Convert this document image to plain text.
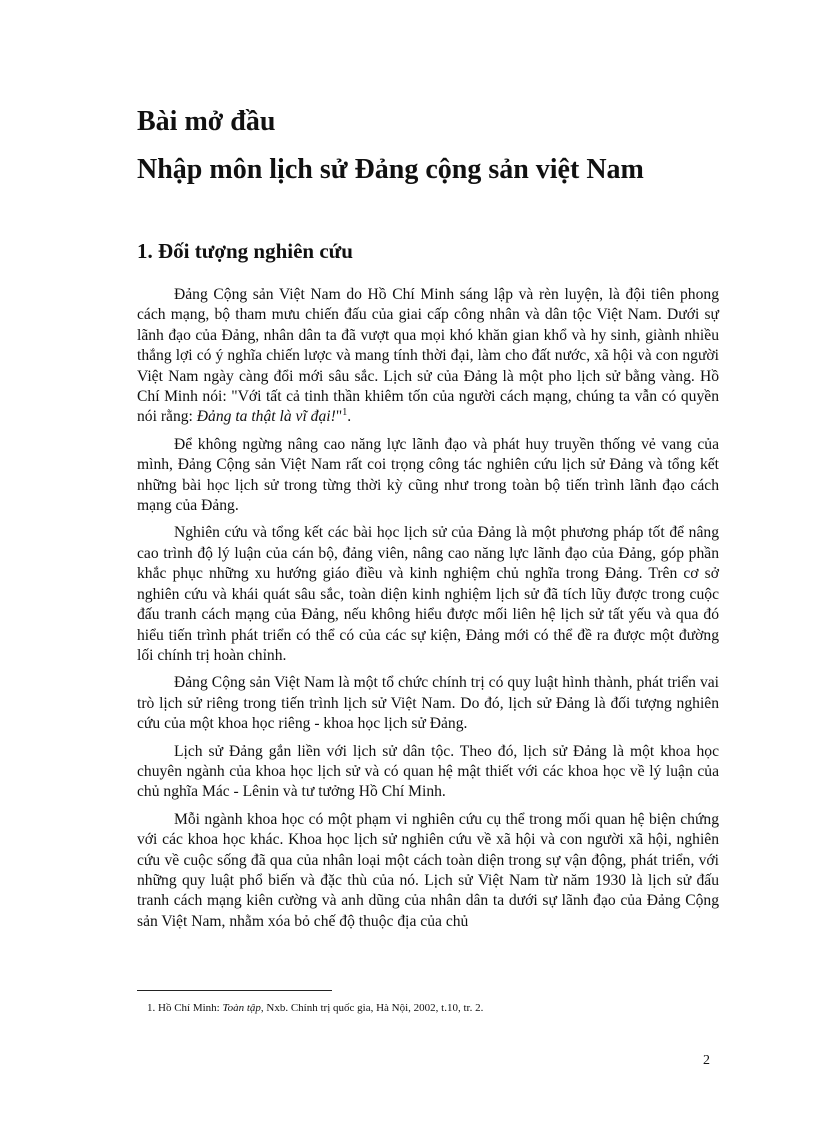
Bài mở đầu
Nhập môn lịch sử Đảng cộng sản việt Nam
1. Đối tượng nghiên cứu

Đảng Cộng sản Việt Nam do Hồ Chí Minh sáng lập và rèn luyện, là đội tiên phong cách mạng, bộ tham mưu chiến đấu của giai cấp công nhân và dân tộc Việt Nam. Dưới sự lãnh đạo của Đảng, nhân dân ta đã vượt qua mọi khó khăn gian khổ và hy sinh, giành nhiều thắng lợi có ý nghĩa chiến lược và mang tính thời đại, làm cho đất nước, xã hội và con người Việt Nam ngày càng đổi mới sâu sắc. Lịch sử của Đảng là một pho lịch sử bằng vàng. Hồ Chí Minh nói: "Với tất cả tinh thần khiêm tốn của người cách mạng, chúng ta vẫn có quyền nói rằng: Đảng ta thật là vĩ đại!"$^1$.

Để không ngừng nâng cao năng lực lãnh đạo và phát huy truyền thống vẻ vang của mình, Đảng Cộng sản Việt Nam rất coi trọng công tác nghiên cứu lịch sử Đảng và tổng kết những bài học lịch sử trong từng thời kỳ cũng như trong toàn bộ tiến trình lãnh đạo cách mạng của Đảng.

Nghiên cứu và tổng kết các bài học lịch sử của Đảng là một phương pháp tốt để nâng cao trình độ lý luận của cán bộ, đảng viên, nâng cao năng lực lãnh đạo của Đảng, góp phần khắc phục những xu hướng giáo điều và kinh nghiệm chủ nghĩa trong Đảng. Trên cơ sở nghiên cứu và khái quát sâu sắc, toàn diện kinh nghiệm lịch sử đã tích lũy được trong cuộc đấu tranh cách mạng của Đảng, nếu không hiểu được mối liên hệ lịch sử tất yếu và qua đó hiểu tiến trình phát triển có thể có của các sự kiện, Đảng mới có thể đề ra được một đường lối chính trị hoàn chỉnh.

Đảng Cộng sản Việt Nam là một tổ chức chính trị có quy luật hình thành, phát triển vai trò lịch sử riêng trong tiến trình lịch sử Việt Nam. Do đó, lịch sử Đảng là đối tượng nghiên cứu của một khoa học riêng - khoa học lịch sử Đảng.

Lịch sử Đảng gắn liền với lịch sử dân tộc. Theo đó, lịch sử Đảng là một khoa học chuyên ngành của khoa học lịch sử và có quan hệ mật thiết với các khoa học về lý luận của chủ nghĩa Mác - Lênin và tư tưởng Hồ Chí Minh.

Mỗi ngành khoa học có một phạm vi nghiên cứu cụ thể trong mối quan hệ biện chứng với các khoa học khác. Khoa học lịch sử nghiên cứu về xã hội và con người xã hội, nghiên cứu về cuộc sống đã qua của nhân loại một cách toàn diện trong sự vận động, phát triển, với những quy luật phổ biến và đặc thù của nó. Lịch sử Việt Nam từ năm 1930 là lịch sử đấu tranh cách mạng kiên cường và anh dũng của nhân dân ta dưới sự lãnh đạo của Đảng Cộng sản Việt Nam, nhằm xóa bỏ chế độ thuộc địa của chủ

1. Hồ Chí Minh: Toàn tập, Nxb. Chính trị quốc gia, Hà Nội, 2002, t.10, tr. 2.

2
